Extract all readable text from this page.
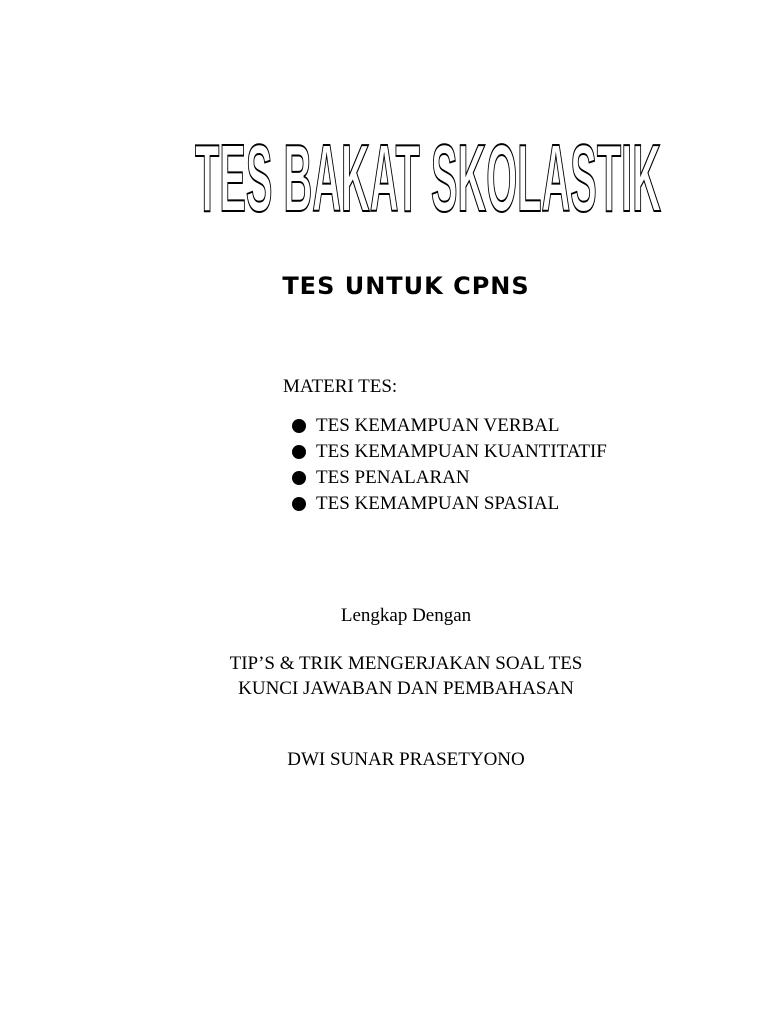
TES BAKAT SKOLASTIK
TES UNTUK CPNS
MATERI TES:
TES KEMAMPUAN VERBAL
TES KEMAMPUAN KUANTITATIF
TES PENALARAN
TES KEMAMPUAN SPASIAL
Lengkap Dengan
TIP’S & TRIK MENGERJAKAN SOAL TES
KUNCI JAWABAN DAN PEMBAHASAN
DWI SUNAR PRASETYONO
